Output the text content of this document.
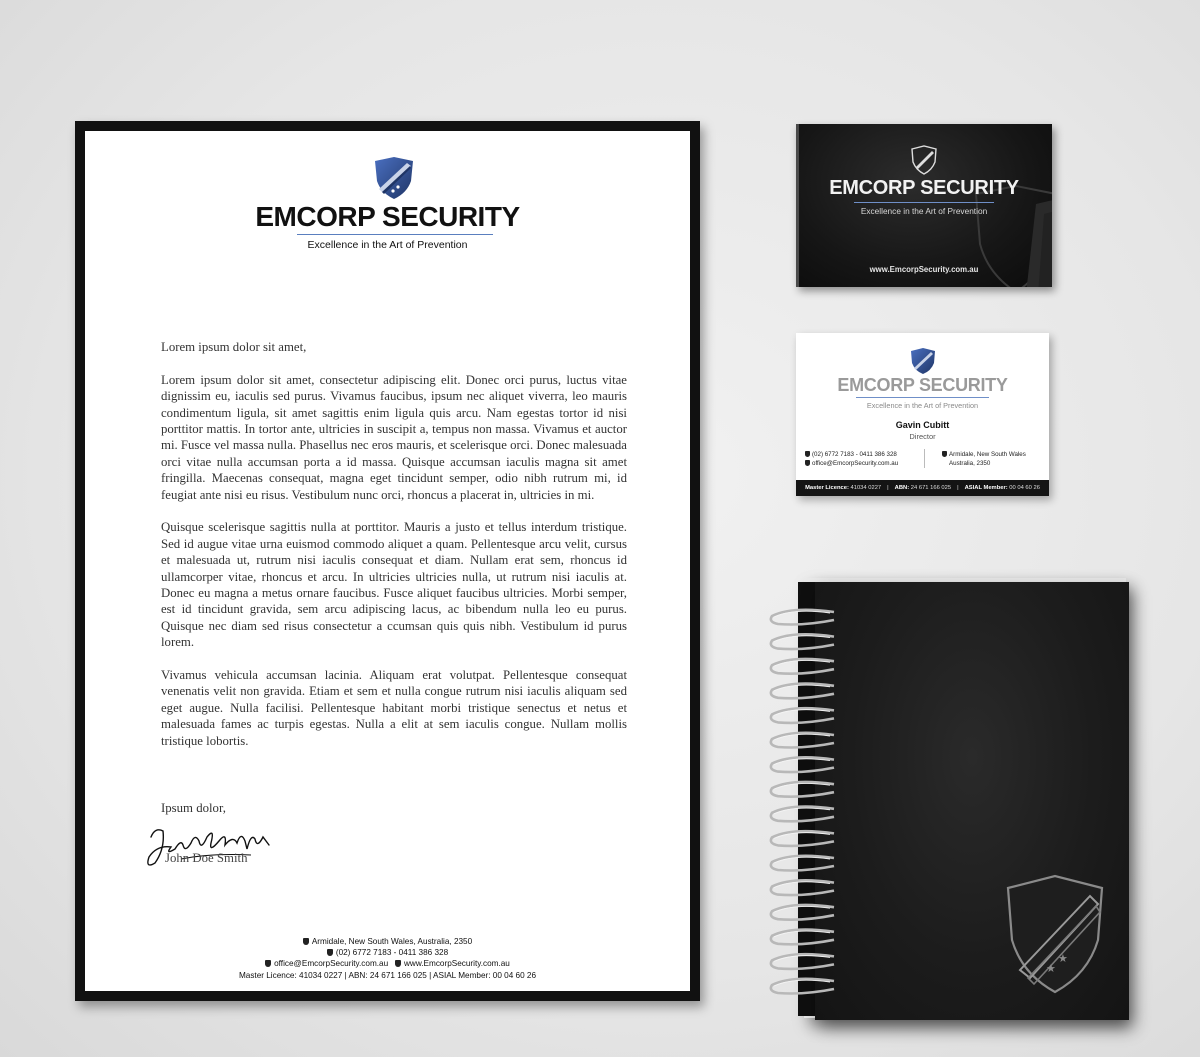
EMCORP SECURITY
Excellence in the Art of Prevention

Lorem ipsum dolor sit amet,

Lorem ipsum dolor sit amet, consectetur adipiscing elit. Donec orci purus, luctus vitae dignissim eu, iaculis sed purus. Vivamus faucibus, ipsum nec aliquet viverra, leo mauris condimentum ligula, sit amet sagittis enim ligula quis arcu. Nam egestas tortor id nisi porttitor mattis. In tortor ante, ultricies in suscipit a, tempus non massa. Vivamus et auctor mi. Fusce vel massa nulla. Phasellus nec eros mauris, et scelerisque orci. Donec malesuada orci vitae nulla accumsan porta a id massa. Quisque accumsan iaculis magna sit amet fringilla. Maecenas consequat, magna eget tincidunt semper, odio nibh rutrum mi, id feugiat ante nisi eu risus. Vestibulum nunc orci, rhoncus a placerat in, ultricies in mi.

Quisque scelerisque sagittis nulla at porttitor. Mauris a justo et tellus interdum tristique. Sed id augue vitae urna euismod commodo aliquet a quam. Pellentesque arcu velit, cursus et malesuada ut, rutrum nisi iaculis consequat et diam. Nullam erat sem, rhoncus id ullamcorper vitae, rhoncus et arcu. In ultricies ultricies nulla, ut rutrum nisi iaculis at. Donec eu magna a metus ornare faucibus. Fusce aliquet faucibus ultricies. Morbi semper, est id tincidunt gravida, sem arcu adipiscing lacus, ac bibendum nulla leo eu purus. Quisque nec diam sed risus consectetur a ccumsan quis quis nibh. Vestibulum id purus lorem.

Vivamus vehicula accumsan lacinia. Aliquam erat volutpat. Pellentesque consequat venenatis velit non gravida. Etiam et sem et nulla congue rutrum nisi iaculis aliquam sed eget augue. Nulla facilisi. Pellentesque habitant morbi tristique senectus et netus et malesuada fames ac turpis egestas. Nulla a elit at sem iaculis congue. Nullam mollis tristique lobortis.

Ipsum dolor,
John Doe Smith
Armidale, New South Wales, Australia, 2350
(02) 6772 7183 - 0411 386 328
office@EmcorpSecurity.com.au www.EmcorpSecurity.com.au
Master Licence: 41034 0227 | ABN: 24 671 166 025 | ASIAL Member: 00 04 60 26
EMCORP SECURITY
Excellence in the Art of Prevention
www.EmcorpSecurity.com.au
EMCORP SECURITY
Excellence in the Art of Prevention
Gavin Cubitt
Director
(02) 6772 7183 - 0411 386 328
office@EmcorpSecurity.com.au
Armidale, New South Wales
Australia, 2350
Master Licence: 41034 0227 | ABN: 24 671 166 025 | ASIAL Member: 00 04 60 26
★
★
